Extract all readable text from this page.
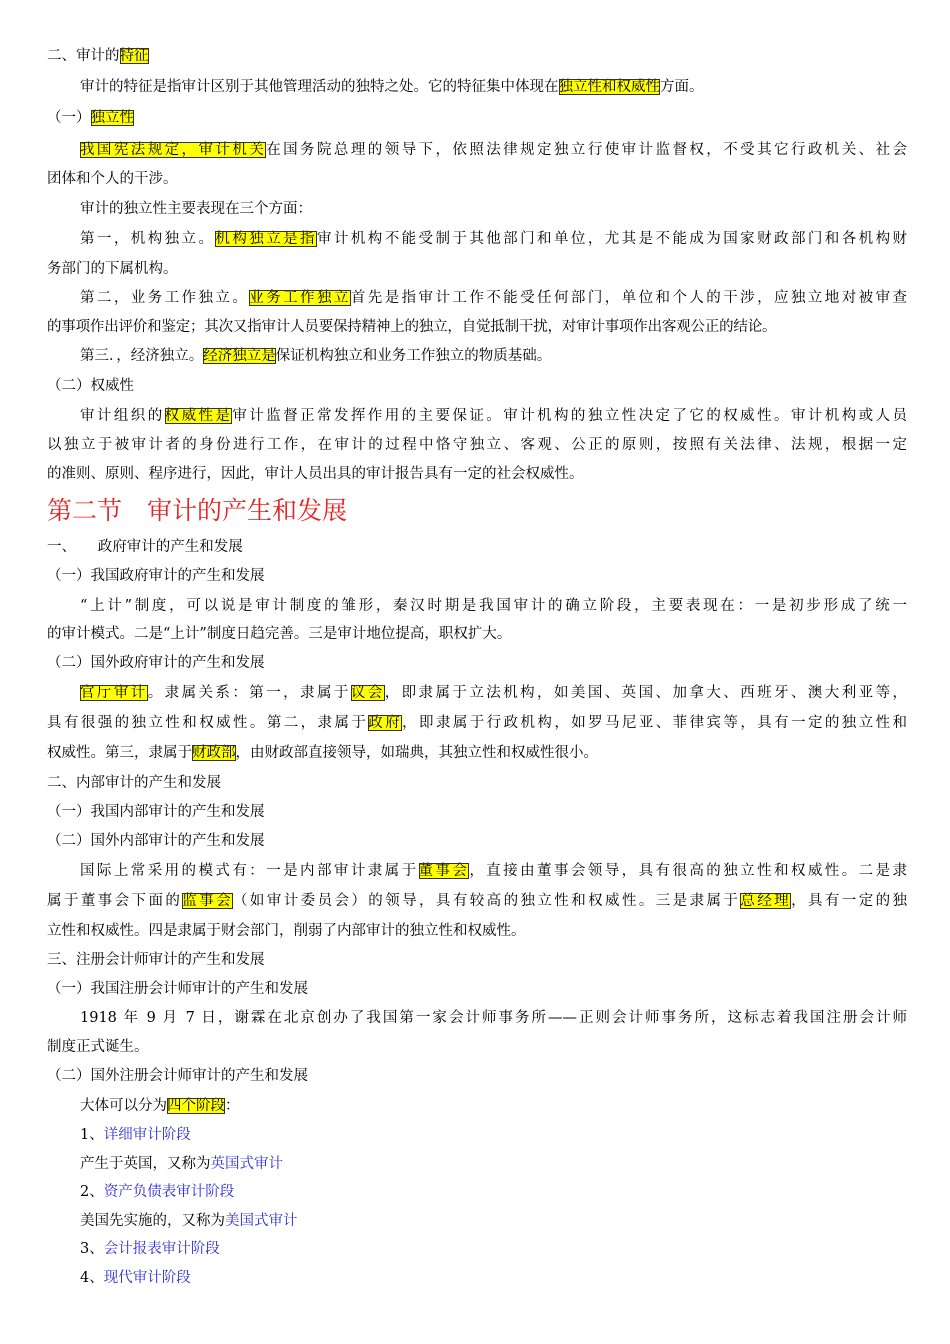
二、审计的特征
审计的特征是指审计区别于其他管理活动的独特之处。它的特征集中体现在独立性和权威性方面。
（一）独立性
我国宪法规定，审计机关在国务院总理的领导下，依照法律规定独立行使审计监督权，不受其它行政机关、社会
团体和个人的干涉。
审计的独立性主要表现在三个方面：
第一，机构独立。机构独立是指审计机构不能受制于其他部门和单位，尤其是不能成为国家财政部门和各机构财
务部门的下属机构。
第二，业务工作独立。业务工作独立首先是指审计工作不能受任何部门，单位和个人的干涉，应独立地对被审查
的事项作出评价和鉴定；其次又指审计人员要保持精神上的独立，自觉抵制干扰，对审计事项作出客观公正的结论。
第三．，经济独立。经济独立是保证机构独立和业务工作独立的物质基础。
（二）权威性
审计组织的权威性是审计监督正常发挥作用的主要保证。审计机构的独立性决定了它的权威性。审计机构或人员
以独立于被审计者的身份进行工作，在审计的过程中恪守独立、客观、公正的原则，按照有关法律、法规，根据一定
的准则、原则、程序进行，因此，审计人员出具的审计报告具有一定的社会权威性。
第二节　审计的产生和发展
一、　　政府审计的产生和发展
（一）我国政府审计的产生和发展
“上计”制度，可以说是审计制度的雏形，秦汉时期是我国审计的确立阶段，主要表现在：一是初步形成了统一
的审计模式。二是“上计”制度日趋完善。三是审计地位提高，职权扩大。
（二）国外政府审计的产生和发展
官厅审计。隶属关系：第一，隶属于议会，即隶属于立法机构，如美国、英国、加拿大、西班牙、澳大利亚等，
具有很强的独立性和权威性。第二，隶属于政府，即隶属于行政机构，如罗马尼亚、菲律宾等，具有一定的独立性和
权威性。第三，隶属于财政部，由财政部直接领导，如瑞典，其独立性和权威性很小。
二、内部审计的产生和发展
（一）我国内部审计的产生和发展
（二）国外内部审计的产生和发展
国际上常采用的模式有：一是内部审计隶属于董事会，直接由董事会领导，具有很高的独立性和权威性。二是隶
属于董事会下面的监事会（如审计委员会）的领导，具有较高的独立性和权威性。三是隶属于总经理，具有一定的独
立性和权威性。四是隶属于财会部门，削弱了内部审计的独立性和权威性。
三、注册会计师审计的产生和发展
（一）我国注册会计师审计的产生和发展
1918 年 9 月 7 日，谢霖在北京创办了我国第一家会计师事务所——正则会计师事务所，这标志着我国注册会计师
制度正式诞生。
（二）国外注册会计师审计的产生和发展
大体可以分为四个阶段：
1、详细审计阶段
产生于英国，又称为英国式审计
2、资产负债表审计阶段
美国先实施的，又称为美国式审计
3、会计报表审计阶段
4、现代审计阶段
